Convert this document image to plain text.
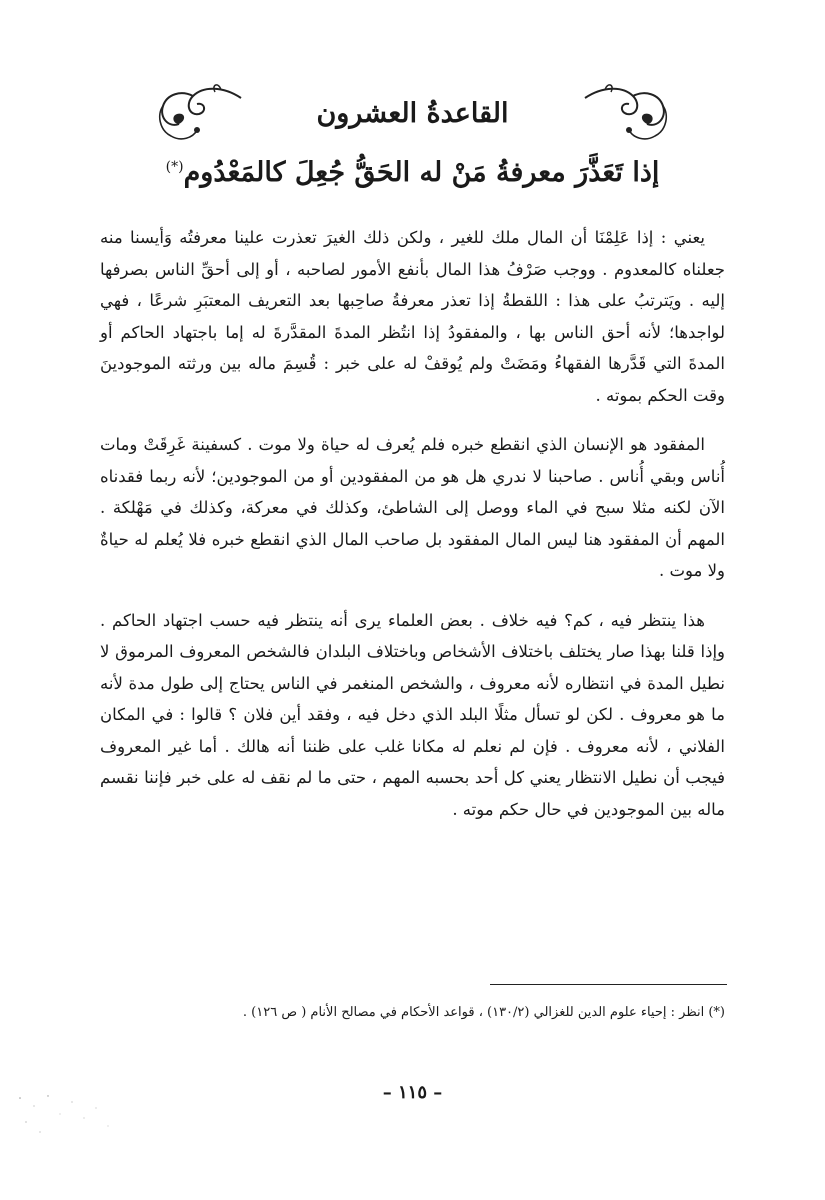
القاعدةُ العشرون
إذا تَعَذَّرَ معرفةُ مَنْ له الحَقُّ جُعِلَ كالمَعْدُوم(*)

يعني : إذا عَلِمْنَا أن المال ملك للغير ، ولكن ذلك الغيرَ تعذرت علينا معرفتُه وَأيسنا منه جعلناه كالمعدوم . ووجب صَرْفُ هذا المال بأنفع الأمور لصاحبه ، أو إلى أحقِّ الناس بصرفها إليه . ويَترتبُ على هذا : اللقطةُ إذا تعذر معرفةُ صاحِبها بعد التعريف المعتبَرِ شرعًا ، فهي لواجدها؛ لأنه أحق الناس بها ، والمفقودُ إذا انتُظر المدةَ المقدَّرةَ له إما باجتهاد الحاكم أو المدةَ التي قَدَّرها الفقهاءُ ومَضَتْ ولم يُوقفْ له على خبر : قُسِمَ ماله بين ورثته الموجودينَ وقت الحكم بموته .

المفقود هو الإنسان الذي انقطع خبره فلم يُعرف له حياة ولا موت . كسفينة غَرِقَتْ ومات أُناس وبقي أُناس . صاحبنا لا ندري هل هو من المفقودين أو من الموجودين؛ لأنه ربما فقدناه الآن لكنه مثلا سبح في الماء ووصل إلى الشاطئ، وكذلك في معركة، وكذلك في مَهْلكة . المهم أن المفقود هنا ليس المال المفقود بل صاحب المال الذي انقطع خبره فلا يُعلم له حياةٌ ولا موت .

هذا ينتظر فيه ، كم؟ فيه خلاف . بعض العلماء يرى أنه ينتظر فيه حسب اجتهاد الحاكم . وإذا قلنا بهذا صار يختلف باختلاف الأشخاص وباختلاف البلدان فالشخص المعروف المرموق لا نطيل المدة في انتظاره لأنه معروف ، والشخص المنغمر في الناس يحتاج إلى طول مدة لأنه ما هو معروف . لكن لو تسأل مثلًا البلد الذي دخل فيه ، وفقد أين فلان ؟ قالوا : في المكان الفلاني ، لأنه معروف . فإن لم نعلم له مكانا غلب على ظننا أنه هالك . أما غير المعروف فيجب أن نطيل الانتظار يعني كل أحد بحسبه المهم ، حتى ما لم نقف له على خبر فإننا نقسم ماله بين الموجودين في حال حكم موته .

(*) انظر : إحياء علوم الدين للغزالي (١٣٠/٢) ، قواعد الأحكام في مصالح الأنام ( ص ١٢٦) .
– ١١٥ –
